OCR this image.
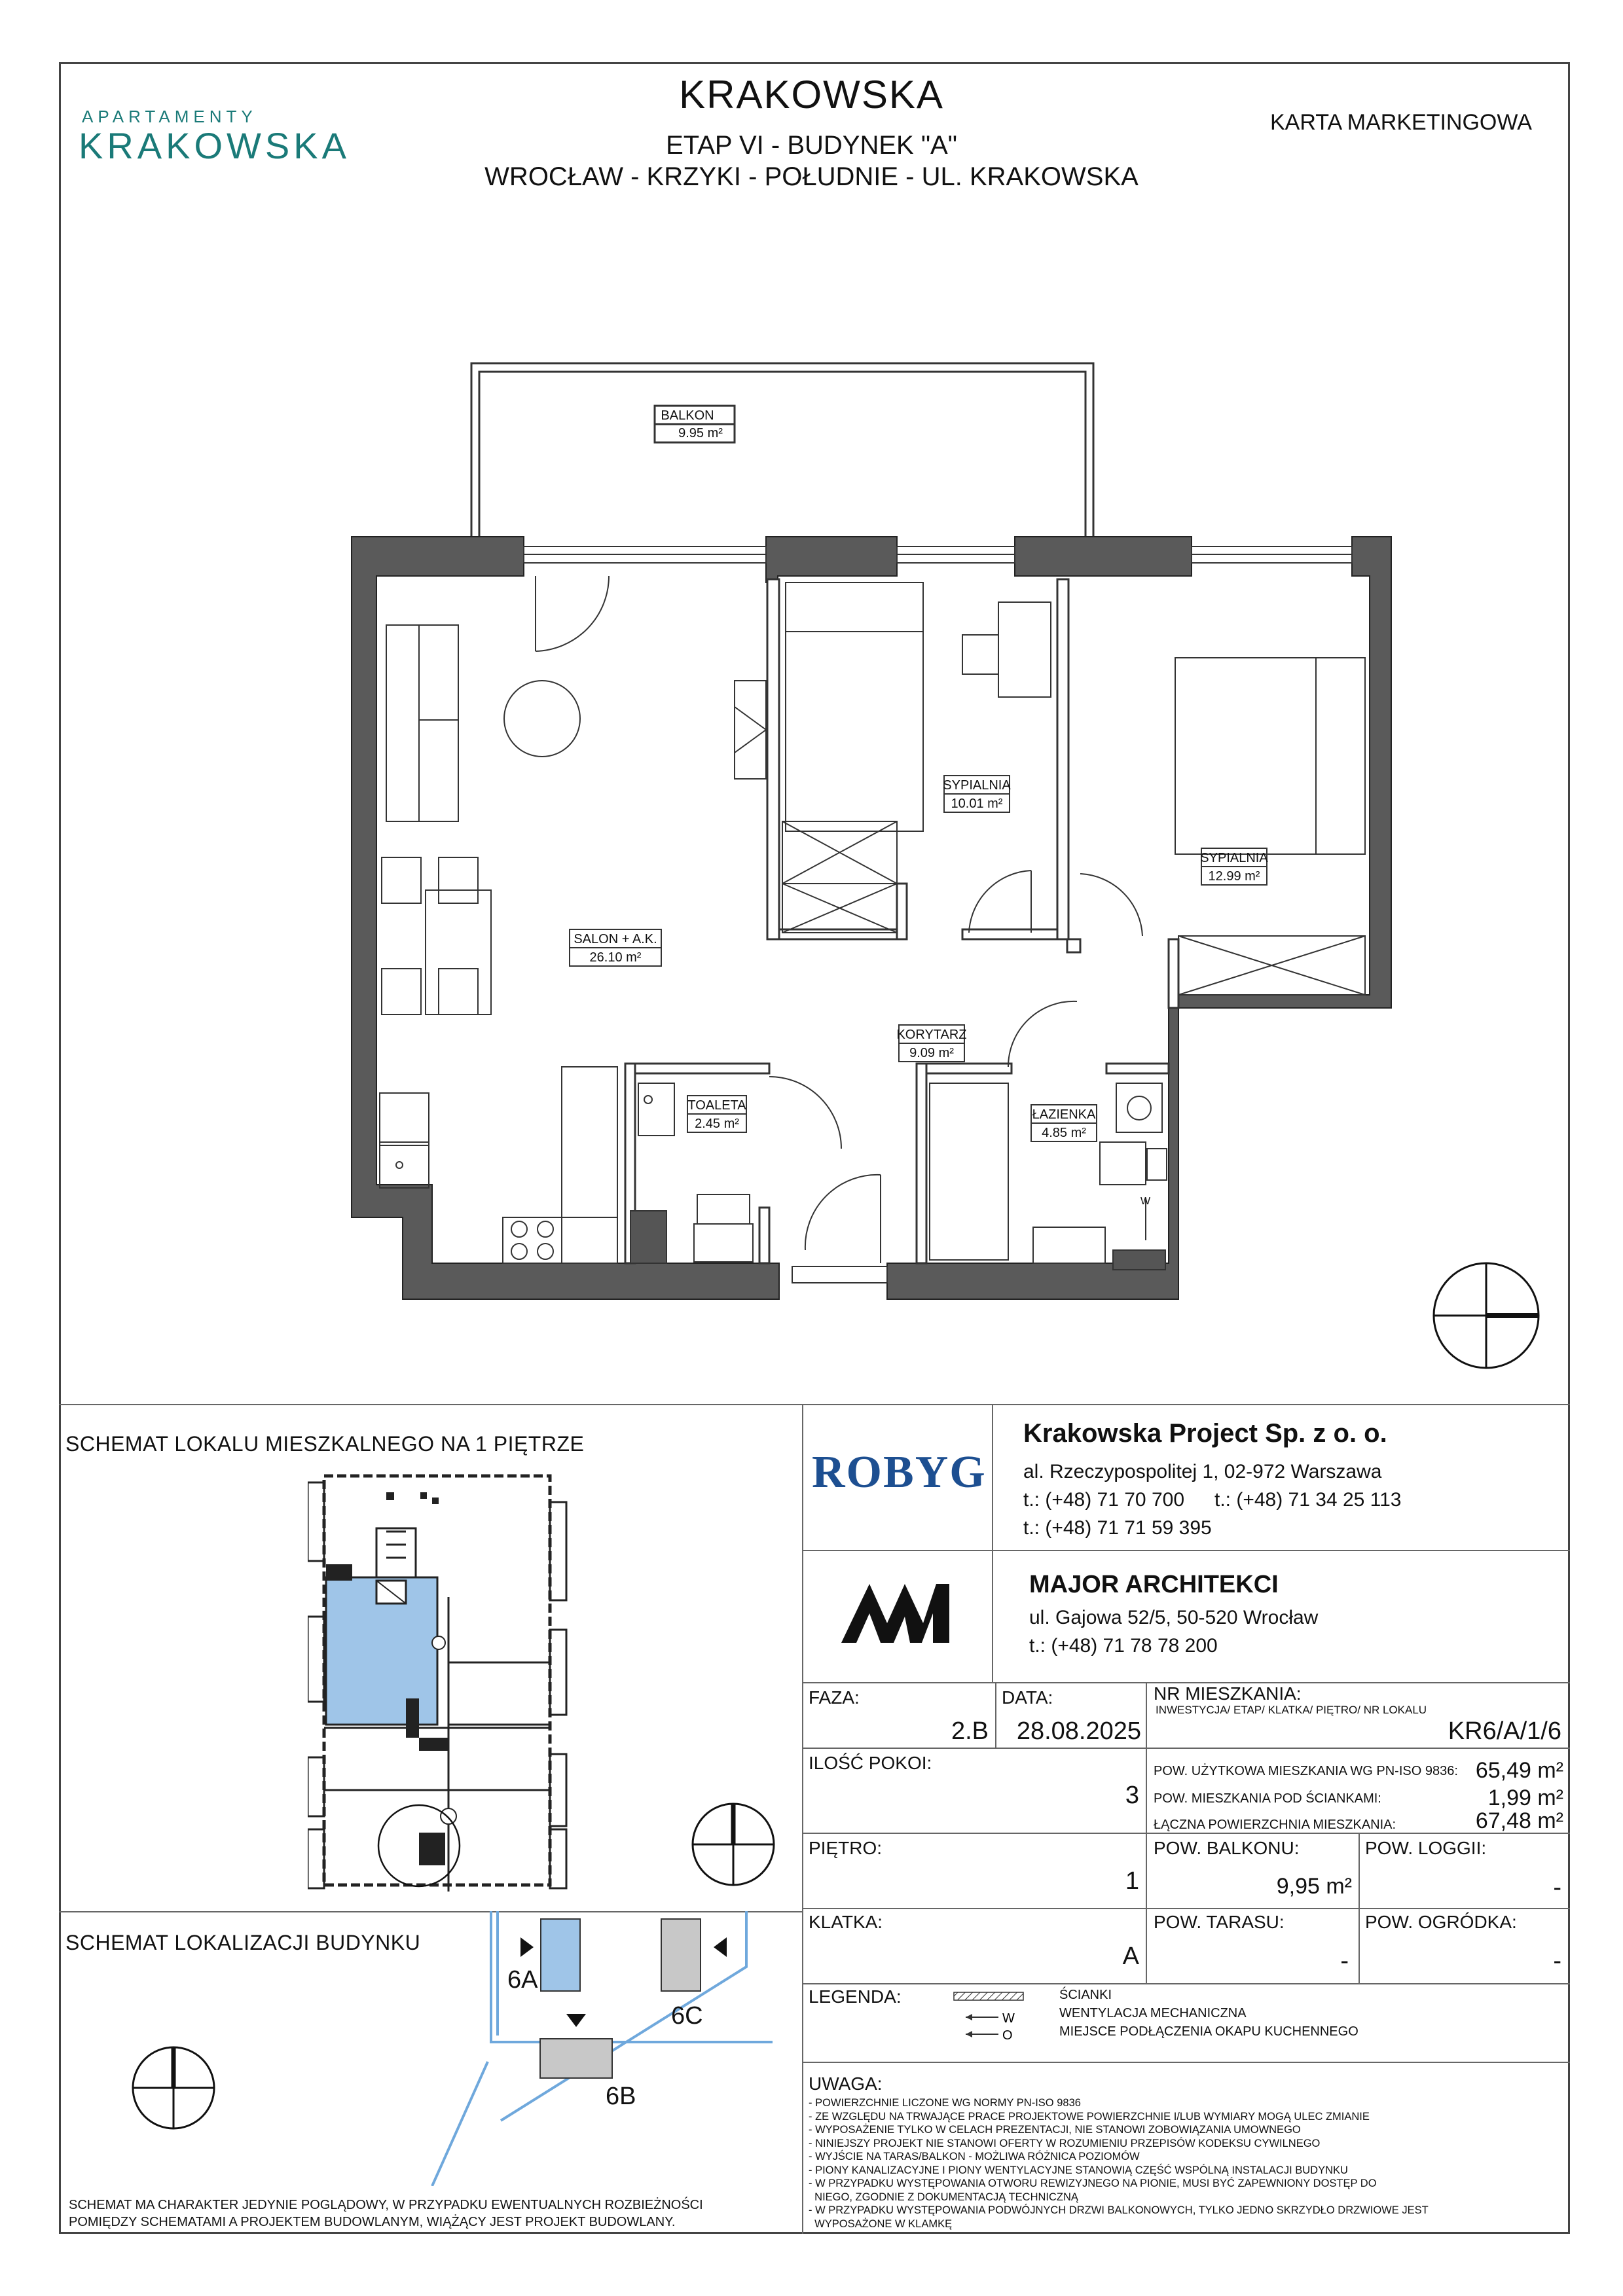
APARTAMENTY
KRAKOWSKA
KRAKOWSKA
ETAP VI - BUDYNEK "A"
WROCŁAW - KRZYKI - POŁUDNIE - UL. KRAKOWSKA
KARTA MARKETINGOWA
BALKON
9.95 m²
SYPIALNIA
10.01 m²
SYPIALNIA
12.99 m²
SALON + A.K.
26.10 m²
KORYTARZ
9.09 m²
TOALETA
2.45 m²
ŁAZIENKA
4.85 m²
W
SCHEMAT LOKALU MIESZKALNEGO NA 1 PIĘTRZE
SCHEMAT LOKALIZACJI BUDYNKU
6A
6B
6C
SCHEMAT MA CHARAKTER JEDYNIE POGLĄDOWY, W PRZYPADKU EWENTUALNYCH ROZBIEŻNOŚCI
POMIĘDZY SCHEMATAMI A PROJEKTEM BUDOWLANYM, WIĄŻĄCY JEST PROJEKT BUDOWLANY.
ROBYG
Krakowska Project Sp. z o. o.
al. Rzeczypospolitej 1, 02-972 Warszawa
t.: (+48) 71 70 700 t.: (+48) 71 34 25 113
t.: (+48) 71 71 59 395
MAJOR ARCHITEKCI
ul. Gajowa 52/5, 50-520 Wrocław
t.: (+48) 71 78 78 200
FAZA:
2.B
DATA:
28.08.2025
NR MIESZKANIA:
INWESTYCJA/ ETAP/ KLATKA/ PIĘTRO/ NR LOKALU
KR6/A/1/6
ILOŚĆ POKOI:
3
POW. UŻYTKOWA MIESZKANIA WG PN-ISO 9836: 65,49 m²
POW. MIESZKANIA POD ŚCIANKAMI:	1,99 m²
ŁĄCZNA POWIERZCHNIA MIESZKANIA:	67,48 m²
PIĘTRO:
1
POW. BALKONU:
9,95 m²
POW. LOGGII:
-
KLATKA:
A
POW. TARASU:
-
POW. OGRÓDKA:
-
LEGENDA:
W
O
ŚCIANKI
WENTYLACJA MECHANICZNA
MIEJSCE PODŁĄCZENIA OKAPU KUCHENNEGO
UWAGA:
- POWIERZCHNIE LICZONE WG NORMY PN-ISO 9836
- ZE WZGLĘDU NA TRWAJĄCE PRACE PROJEKTOWE POWIERZCHNIE I/LUB WYMIARY MOGĄ ULEC ZMIANIE
- WYPOSAŻENIE TYLKO W CELACH PREZENTACJI, NIE STANOWI ZOBOWIĄZANIA UMOWNEGO
- NINIEJSZY PROJEKT NIE STANOWI OFERTY W ROZUMIENIU PRZEPISÓW KODEKSU CYWILNEGO
- WYJŚCIE NA TARAS/BALKON - MOŻLIWA RÓŻNICA POZIOMÓW
- PIONY KANALIZACYJNE I PIONY WENTYLACYJNE STANOWIĄ CZĘŚĆ WSPÓLNĄ INSTALACJI BUDYNKU
- W PRZYPADKU WYSTĘPOWANIA OTWORU REWIZYJNEGO NA PIONIE, MUSI BYĆ ZAPEWNIONY DOSTĘP DO
NIEGO, ZGODNIE Z DOKUMENTACJĄ TECHNICZNĄ
- W PRZYPADKU WYSTĘPOWANIA PODWÓJNYCH DRZWI BALKONOWYCH, TYLKO JEDNO SKRZYDŁO DRZWIOWE JEST
WYPOSAŻONE W KLAMKĘ
